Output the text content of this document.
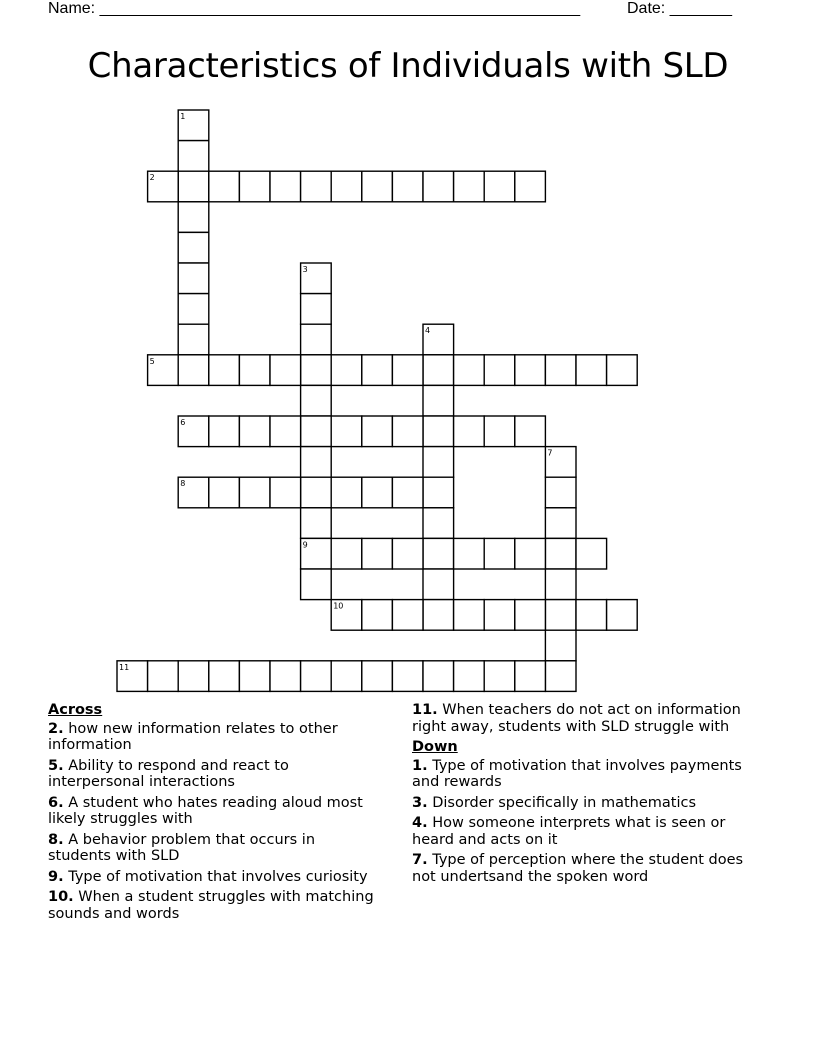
Name: ______________________________________________________	Date: _______
Characteristics of Individuals with SLD
1
2
3
9
4
5
6
7
8
10
11
Across
2. how new information relates to other information
5. Ability to respond and react to interpersonal interactions
6. A student who hates reading aloud most likely struggles with
8. A behavior problem that occurs in students with SLD
9. Type of motivation that involves curiosity
10. When a student struggles with matching sounds and words
11. When teachers do not act on information right away, students with SLD struggle with
Down
1. Type of motivation that involves payments and rewards
3. Disorder specifically in mathematics
4. How someone interprets what is seen or heard and acts on it
7. Type of perception where the student does not undertsand the spoken word
